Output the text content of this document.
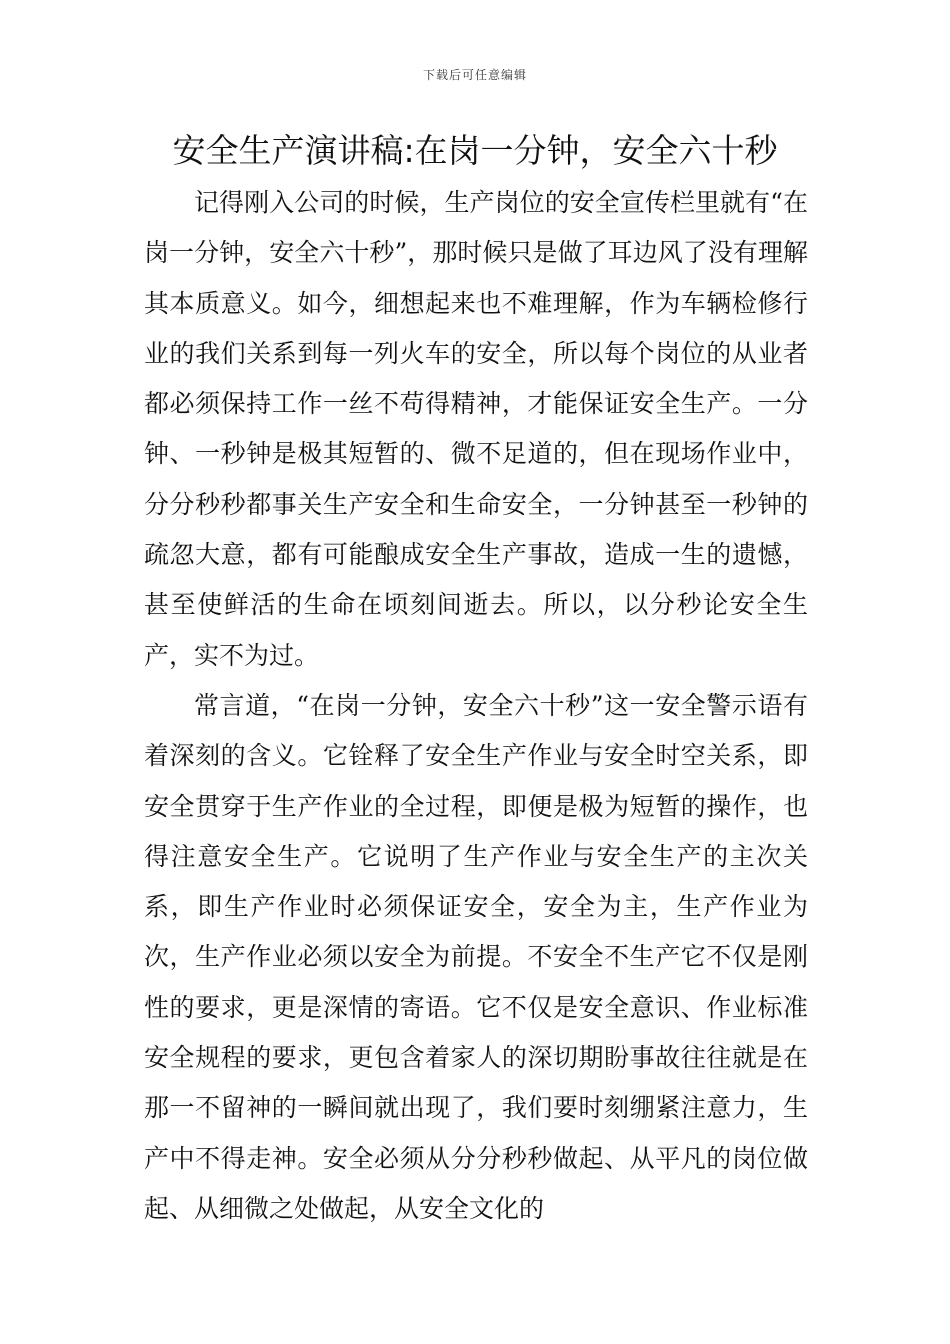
下载后可任意编辑
安全生产演讲稿:在岗一分钟，安全六十秒

记得刚入公司的时候，生产岗位的安全宣传栏里就有“在岗一分钟，安全六十秒”，那时候只是做了耳边风了没有理解其本质意义。如今，细想起来也不难理解，作为车辆检修行业的我们关系到每一列火车的安全，所以每个岗位的从业者都必须保持工作一丝不苟得精神，才能保证安全生产。一分钟、一秒钟是极其短暂的、微不足道的，但在现场作业中，分分秒秒都事关生产安全和生命安全，一分钟甚至一秒钟的疏忽大意，都有可能酿成安全生产事故，造成一生的遗憾，甚至使鲜活的生命在顷刻间逝去。所以，以分秒论安全生产，实不为过。

常言道，“在岗一分钟，安全六十秒”这一安全警示语有着深刻的含义。它铨释了安全生产作业与安全时空关系，即安全贯穿于生产作业的全过程，即便是极为短暂的操作，也得注意安全生产。它说明了生产作业与安全生产的主次关系，即生产作业时必须保证安全，安全为主，生产作业为次，生产作业必须以安全为前提。不安全不生产它不仅是刚性的要求，更是深情的寄语。它不仅是安全意识、作业标准安全规程的要求，更包含着家人的深切期盼事故往往就是在那一不留神的一瞬间就出现了，我们要时刻绷紧注意力，生产中不得走神。安全必须从分分秒秒做起、从平凡的岗位做起、从细微之处做起，从安全文化的
